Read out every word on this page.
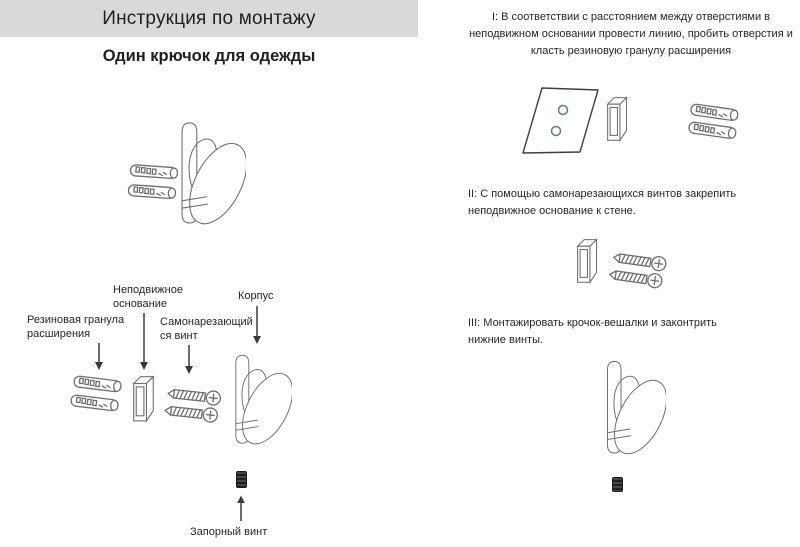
Инструкция по монтажу
Один крючок для одежды
Неподвижное основание
Корпус
Резиновая гранула расширения
Самонарезающий ся винт
Запорный винт
I: В соответствии с расстоянием между отверстиями в неподвижном основании провести линию, пробить отверстия и класть резиновую гранулу расширения
II: С помощью самонарезающихся винтов закрепить неподвижное основание к стене.
III: Монтажировать крочок-вешалки и законтрить нижние винты.
